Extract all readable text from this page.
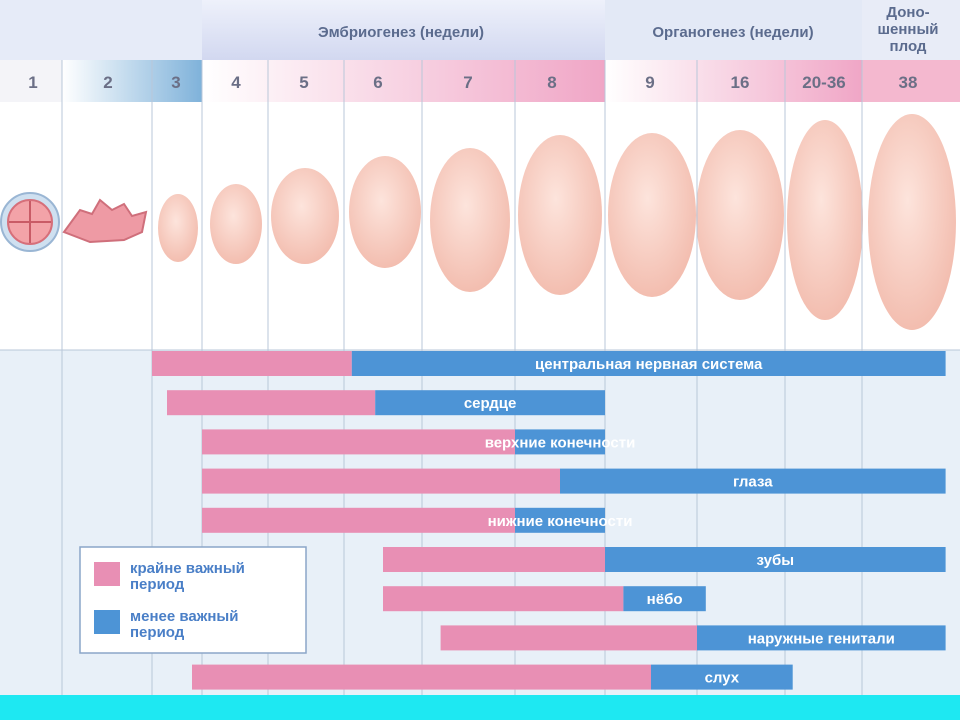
Эмбриогенез (недели)	Органогенез (недели)
Доно-
шенный
плод
1	2	3	4	5	6	7	8	9	16	20-36	38
центральная нервная система
сердце
верхние конечности
глаза
нижние конечности
зубы
нёбо
наружные генитали
слух
крайне важный
период
менее важный
период
